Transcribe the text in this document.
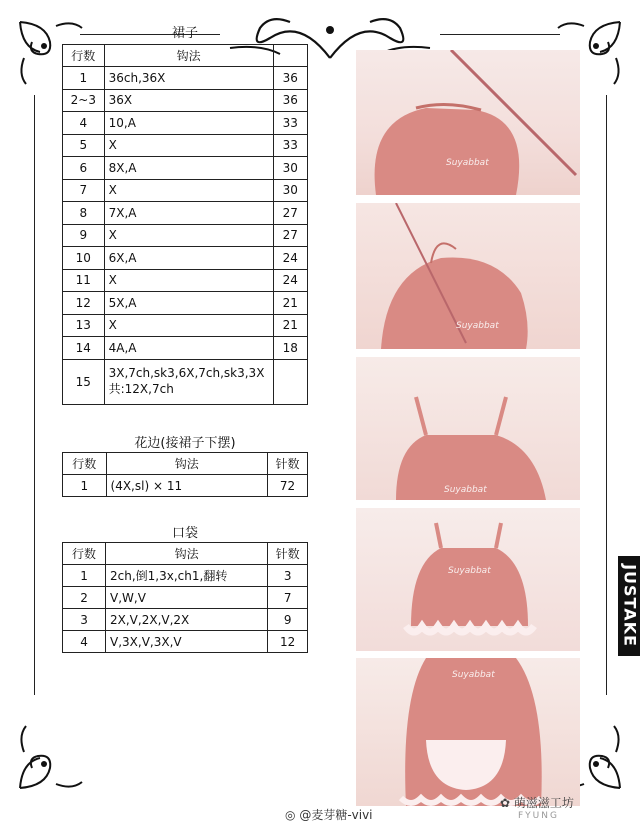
裙子
行数	钩法	
1	36ch,36X	36
2~3	36X	36
4	10,A	33
5	X	33
6	8X,A	30
7	X	30
8	7X,A	27
9	X	27
10	6X,A	24
11	X	24
12	5X,A	21
13	X	21
14	4A,A	18
15	3X,7ch,sk3,6X,7ch,sk3,3X 共:12X,7ch	
花边(接裙子下摆)
行数	钩法	针数
1	(4X,sl) × 11	72
口袋
行数	钩法	针数
1	2ch,倒1,3x,ch1,翻转	3
2	V,W,V	7
3	2X,V,2X,V,2X	9
4	V,3X,V,3X,V	12
Suyabbat
Suyabbat
Suyabbat
Suyabbat
Suyabbat
JUSTAKE
◎ @麦芽糖-vivi
✿ 萌滋滋工坊
FYUNG
